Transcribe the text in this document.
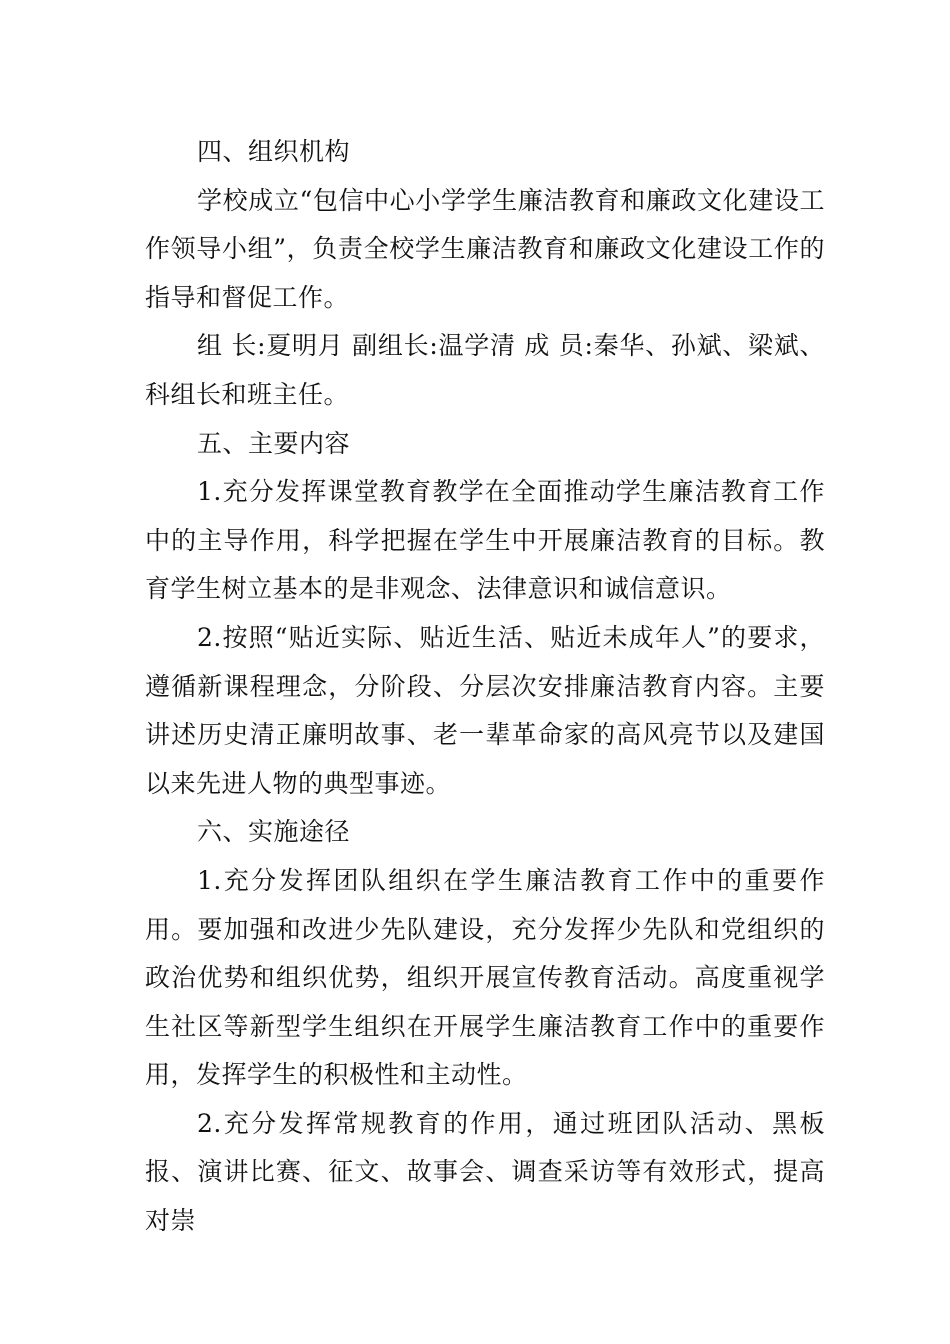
四、组织机构

学校成立“包信中心小学学生廉洁教育和廉政文化建设工作领导小组”，负责全校学生廉洁教育和廉政文化建设工作的指导和督促工作。

组 长:夏明月 副组长:温学清 成 员:秦华、孙斌、梁斌、科组长和班主任。

五、主要内容

1.充分发挥课堂教育教学在全面推动学生廉洁教育工作中的主导作用，科学把握在学生中开展廉洁教育的目标。教育学生树立基本的是非观念、法律意识和诚信意识。

2.按照“贴近实际、贴近生活、贴近未成年人”的要求，遵循新课程理念，分阶段、分层次安排廉洁教育内容。主要讲述历史清正廉明故事、老一辈革命家的高风亮节以及建国以来先进人物的典型事迹。

六、实施途径

1.充分发挥团队组织在学生廉洁教育工作中的重要作用。要加强和改进少先队建设，充分发挥少先队和党组织的政治优势和组织优势，组织开展宣传教育活动。高度重视学生社区等新型学生组织在开展学生廉洁教育工作中的重要作用，发挥学生的积极性和主动性。

2.充分发挥常规教育的作用，通过班团队活动、黑板报、演讲比赛、征文、故事会、调查采访等有效形式，提高对崇
